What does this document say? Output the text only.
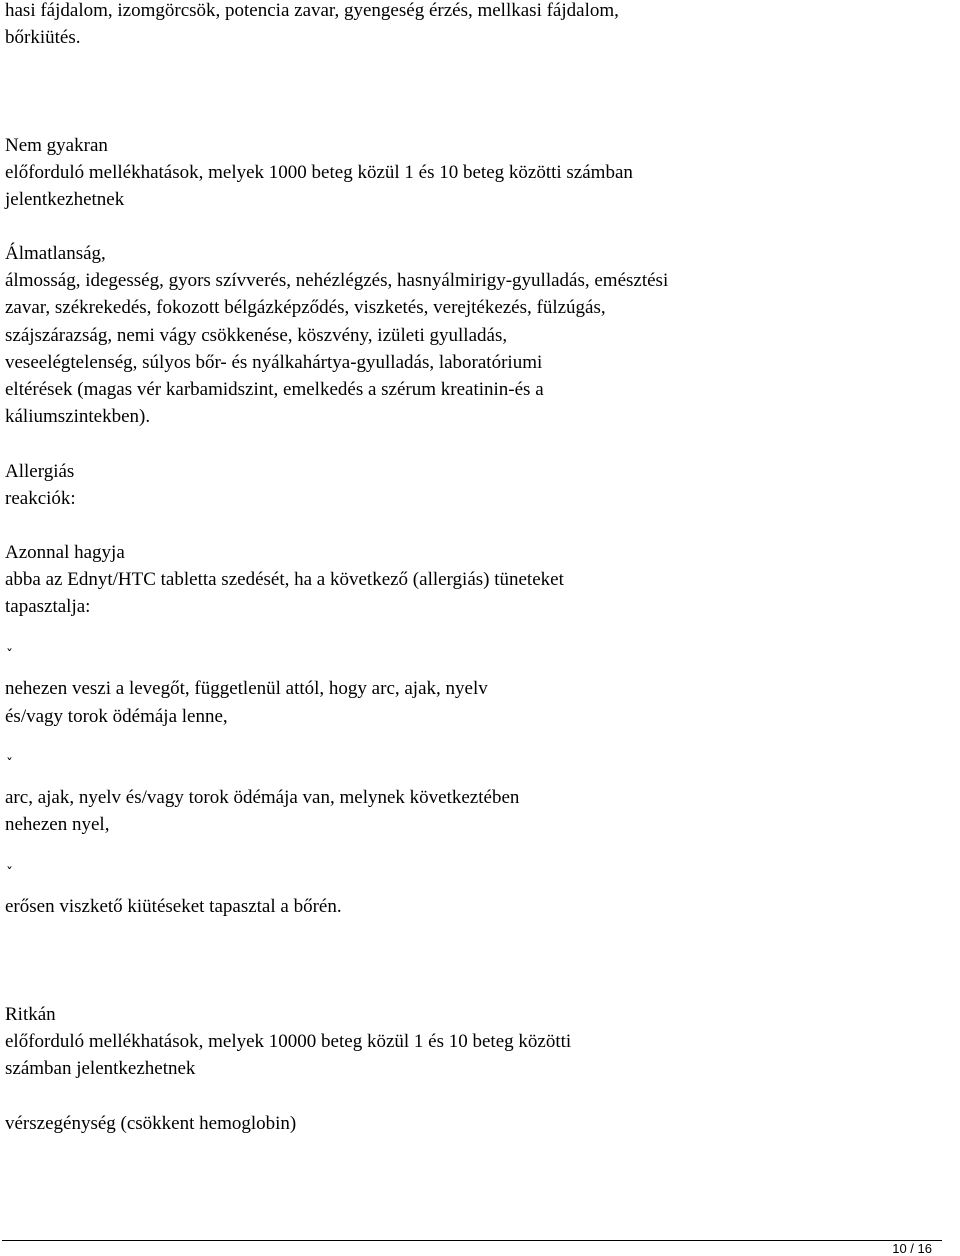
hasi fájdalom, izomgörcsök, potencia zavar, gyengeség érzés, mellkasi fájdalom,
bőrkiütés.
Nem gyakran
előforduló mellékhatások, melyek 1000 beteg közül 1 és 10 beteg közötti számban
jelentkezhetnek
Álmatlanság,
álmosság, idegesség, gyors szívverés, nehézlégzés, hasnyálmirigy-gyulladás, emésztési
zavar, székrekedés, fokozott bélgázképződés, viszketés, verejtékezés, fülzúgás,
szájszárazság, nemi vágy csökkenése, köszvény, izületi gyulladás,
veseelégtelenség, súlyos bőr- és nyálkahártya-gyulladás, laboratóriumi
eltérések (magas vér karbamidszint, emelkedés a szérum kreatinin-és a
káliumszintekben).
Allergiás
reakciók:
Azonnal hagyja
abba az Ednyt/HTC tabletta szedését, ha a következő (allergiás) tüneteket
tapasztalja:
ˇ
nehezen veszi a levegőt, függetlenül attól, hogy arc, ajak, nyelv
és/vagy torok ödémája lenne,
ˇ
arc, ajak, nyelv és/vagy torok ödémája van, melynek következtében
nehezen nyel,
ˇ
erősen viszkető kiütéseket tapasztal a bőrén.
Ritkán
előforduló mellékhatások, melyek 10000 beteg közül 1 és 10 beteg közötti
számban jelentkezhetnek
vérszegénység (csökkent hemoglobin)
10 / 16
